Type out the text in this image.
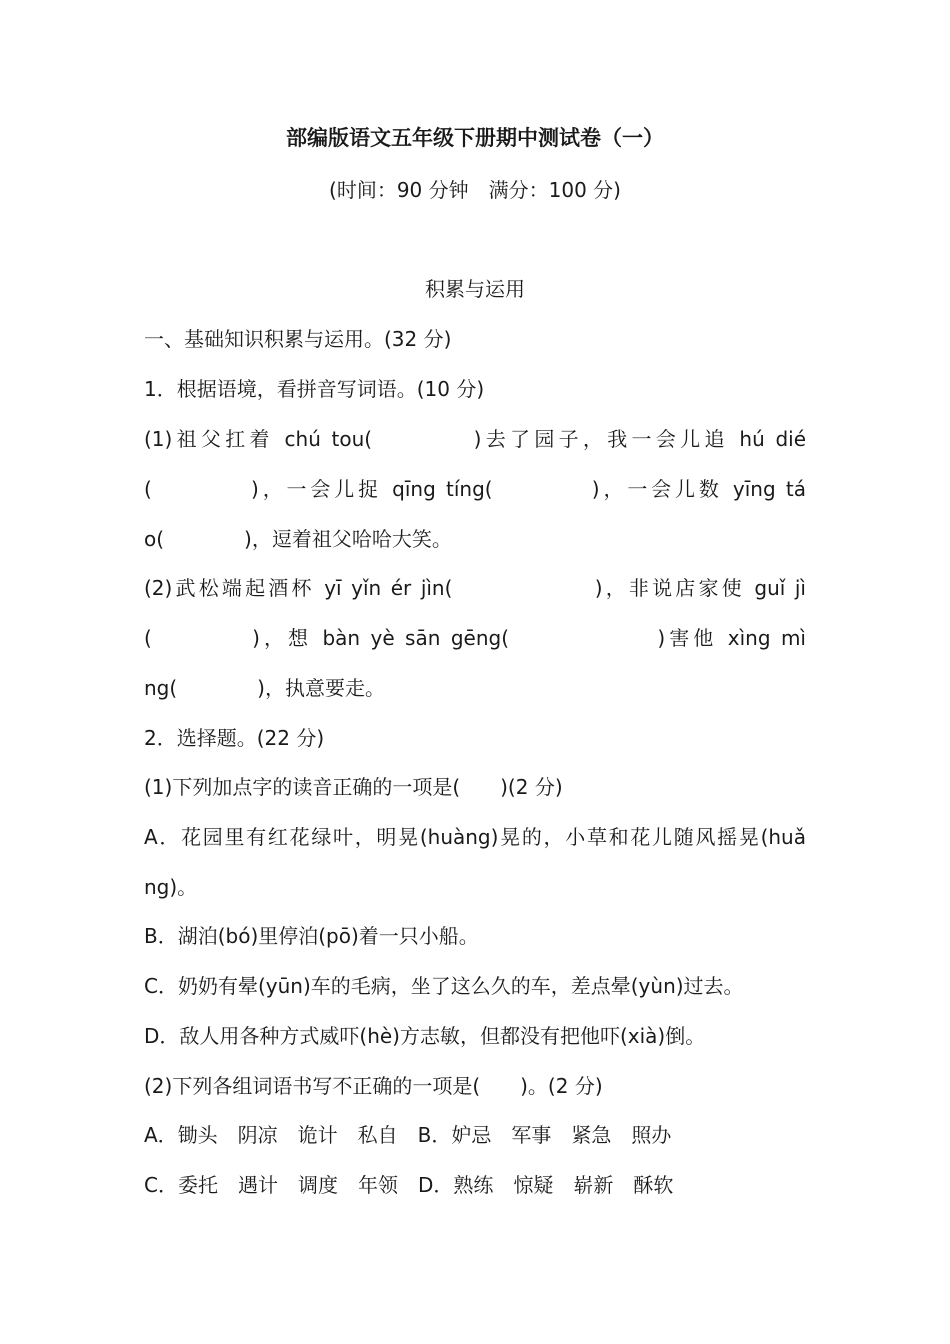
部编版语文五年级下册期中测试卷（一）
(时间：90 分钟　满分：100 分)
积累与运用
一、基础知识积累与运用。(32 分)
1．根据语境，看拼音写词语。(10 分)
(1)祖父扛着 chú tou(　　　　)去了园子，我一会儿追 hú dié
(　　　　)，一会儿捉 qīng tíng(　　　　)，一会儿数 yīng tá
o(　　　　)，逗着祖父哈哈大笑。
(2)武松端起酒杯 yī yǐn ér jìn(　　　　　　)，非说店家使 guǐ jì
(　　　　)，想 bàn yè sān gēng(　　　　　　)害他 xìng mì
ng(　　　　)，执意要走。
2．选择题。(22 分)
(1)下列加点字的读音正确的一项是(　　)(2 分)
A．花园里有红花绿叶，明晃(huàng)晃的，小草和花儿随风摇晃(huǎ
ng)。
B．湖泊(bó)里停泊(pō)着一只小船。
C．奶奶有晕(yūn)车的毛病，坐了这么久的车，差点晕(yùn)过去。
D．敌人用各种方式威吓(hè)方志敏，但都没有把他吓(xià)倒。
(2)下列各组词语书写不正确的一项是(　　)。(2 分)
A．锄头　阴凉　诡计　私自　B．妒忌　军事　紧急　照办
C．委托　遇计　调度　年领　D．熟练　惊疑　崭新　酥软
